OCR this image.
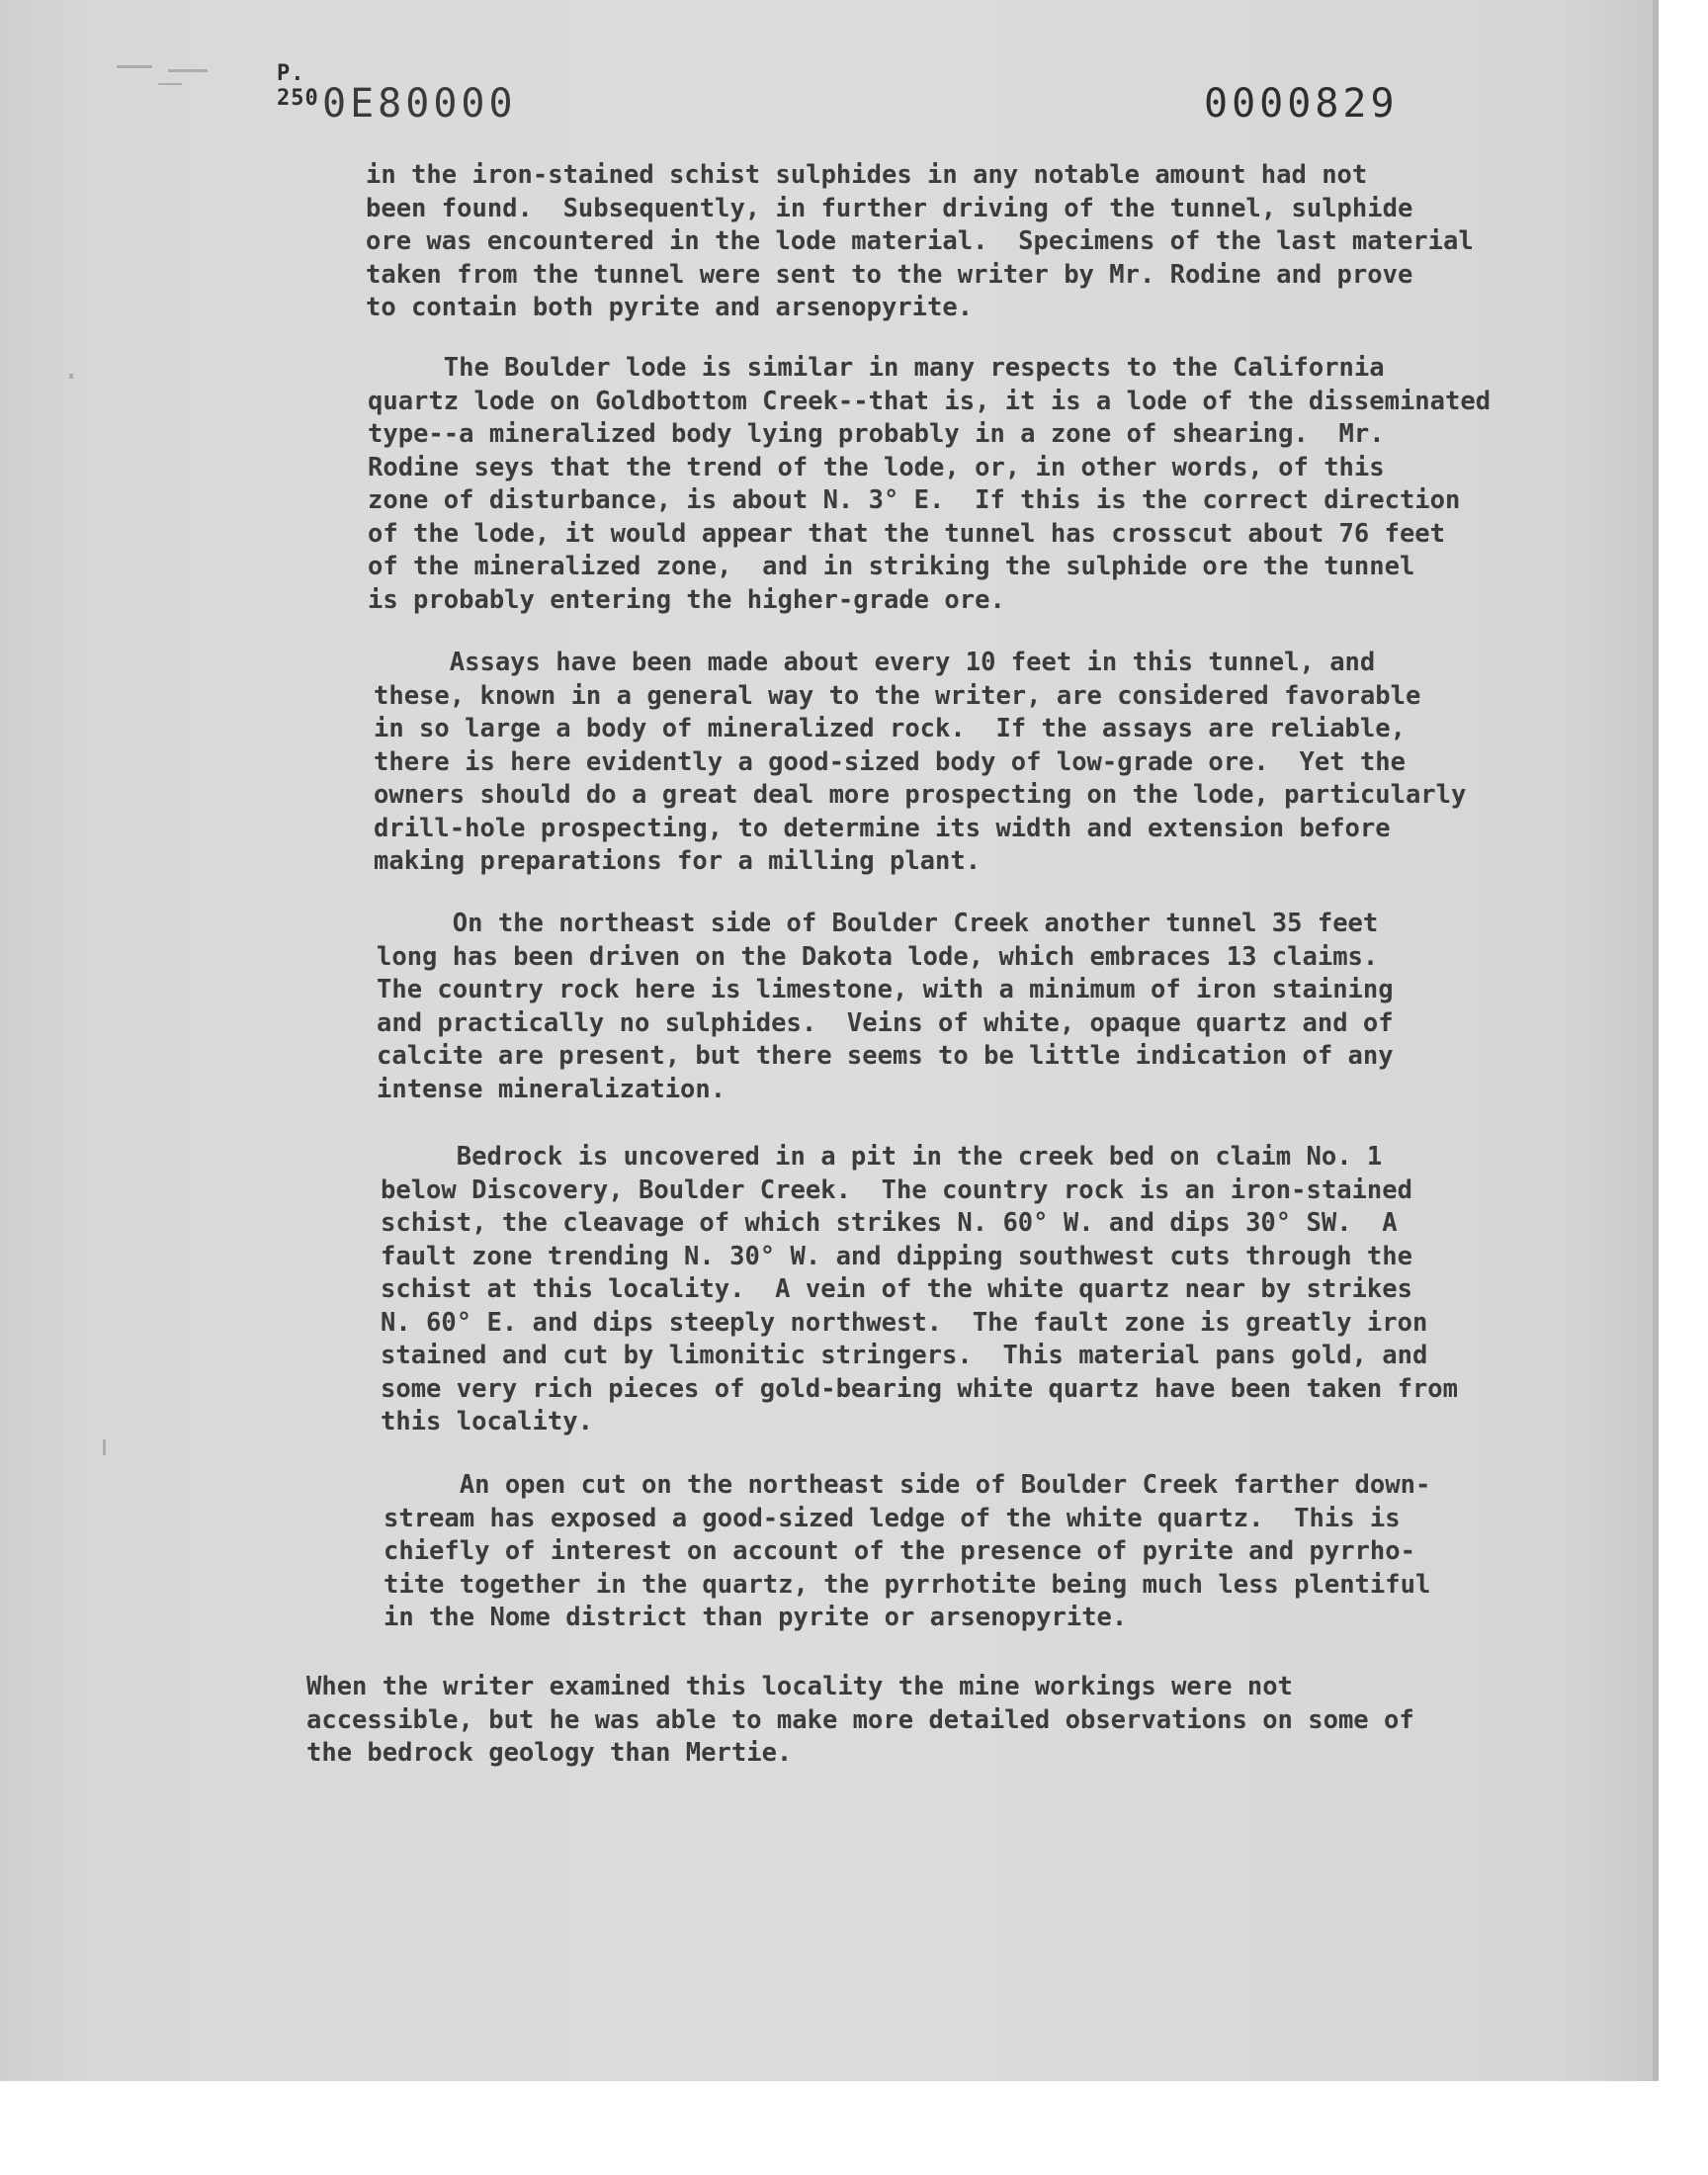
P. 250 0E80000	0000829
in the iron-stained schist sulphides in any notable amount had not
been found.  Subsequently, in further driving of the tunnel, sulphide
ore was encountered in the lode material.  Specimens of the last material
taken from the tunnel were sent to the writer by Mr. Rodine and prove
to contain both pyrite and arsenopyrite.
The Boulder lode is similar in many respects to the California
quartz lode on Goldbottom Creek--that is, it is a lode of the disseminated
type--a mineralized body lying probably in a zone of shearing.  Mr.
Rodine seys that the trend of the lode, or, in other words, of this
zone of disturbance, is about N. 3° E.  If this is the correct direction
of the lode, it would appear that the tunnel has crosscut about 76 feet
of the mineralized zone,  and in striking the sulphide ore the tunnel
is probably entering the higher-grade ore.
Assays have been made about every 10 feet in this tunnel, and
these, known in a general way to the writer, are considered favorable
in so large a body of mineralized rock.  If the assays are reliable,
there is here evidently a good-sized body of low-grade ore.  Yet the
owners should do a great deal more prospecting on the lode, particularly
drill-hole prospecting, to determine its width and extension before
making preparations for a milling plant.
On the northeast side of Boulder Creek another tunnel 35 feet
long has been driven on the Dakota lode, which embraces 13 claims.
The country rock here is limestone, with a minimum of iron staining
and practically no sulphides.  Veins of white, opaque quartz and of
calcite are present, but there seems to be little indication of any
intense mineralization.
Bedrock is uncovered in a pit in the creek bed on claim No. 1
below Discovery, Boulder Creek.  The country rock is an iron-stained
schist, the cleavage of which strikes N. 60° W. and dips 30° SW.  A
fault zone trending N. 30° W. and dipping southwest cuts through the
schist at this locality.  A vein of the white quartz near by strikes
N. 60° E. and dips steeply northwest.  The fault zone is greatly iron
stained and cut by limonitic stringers.  This material pans gold, and
some very rich pieces of gold-bearing white quartz have been taken from
this locality.
An open cut on the northeast side of Boulder Creek farther down-
stream has exposed a good-sized ledge of the white quartz.  This is
chiefly of interest on account of the presence of pyrite and pyrrho-
tite together in the quartz, the pyrrhotite being much less plentiful
in the Nome district than pyrite or arsenopyrite.
When the writer examined this locality the mine workings were not
accessible, but he was able to make more detailed observations on some of
the bedrock geology than Mertie.
